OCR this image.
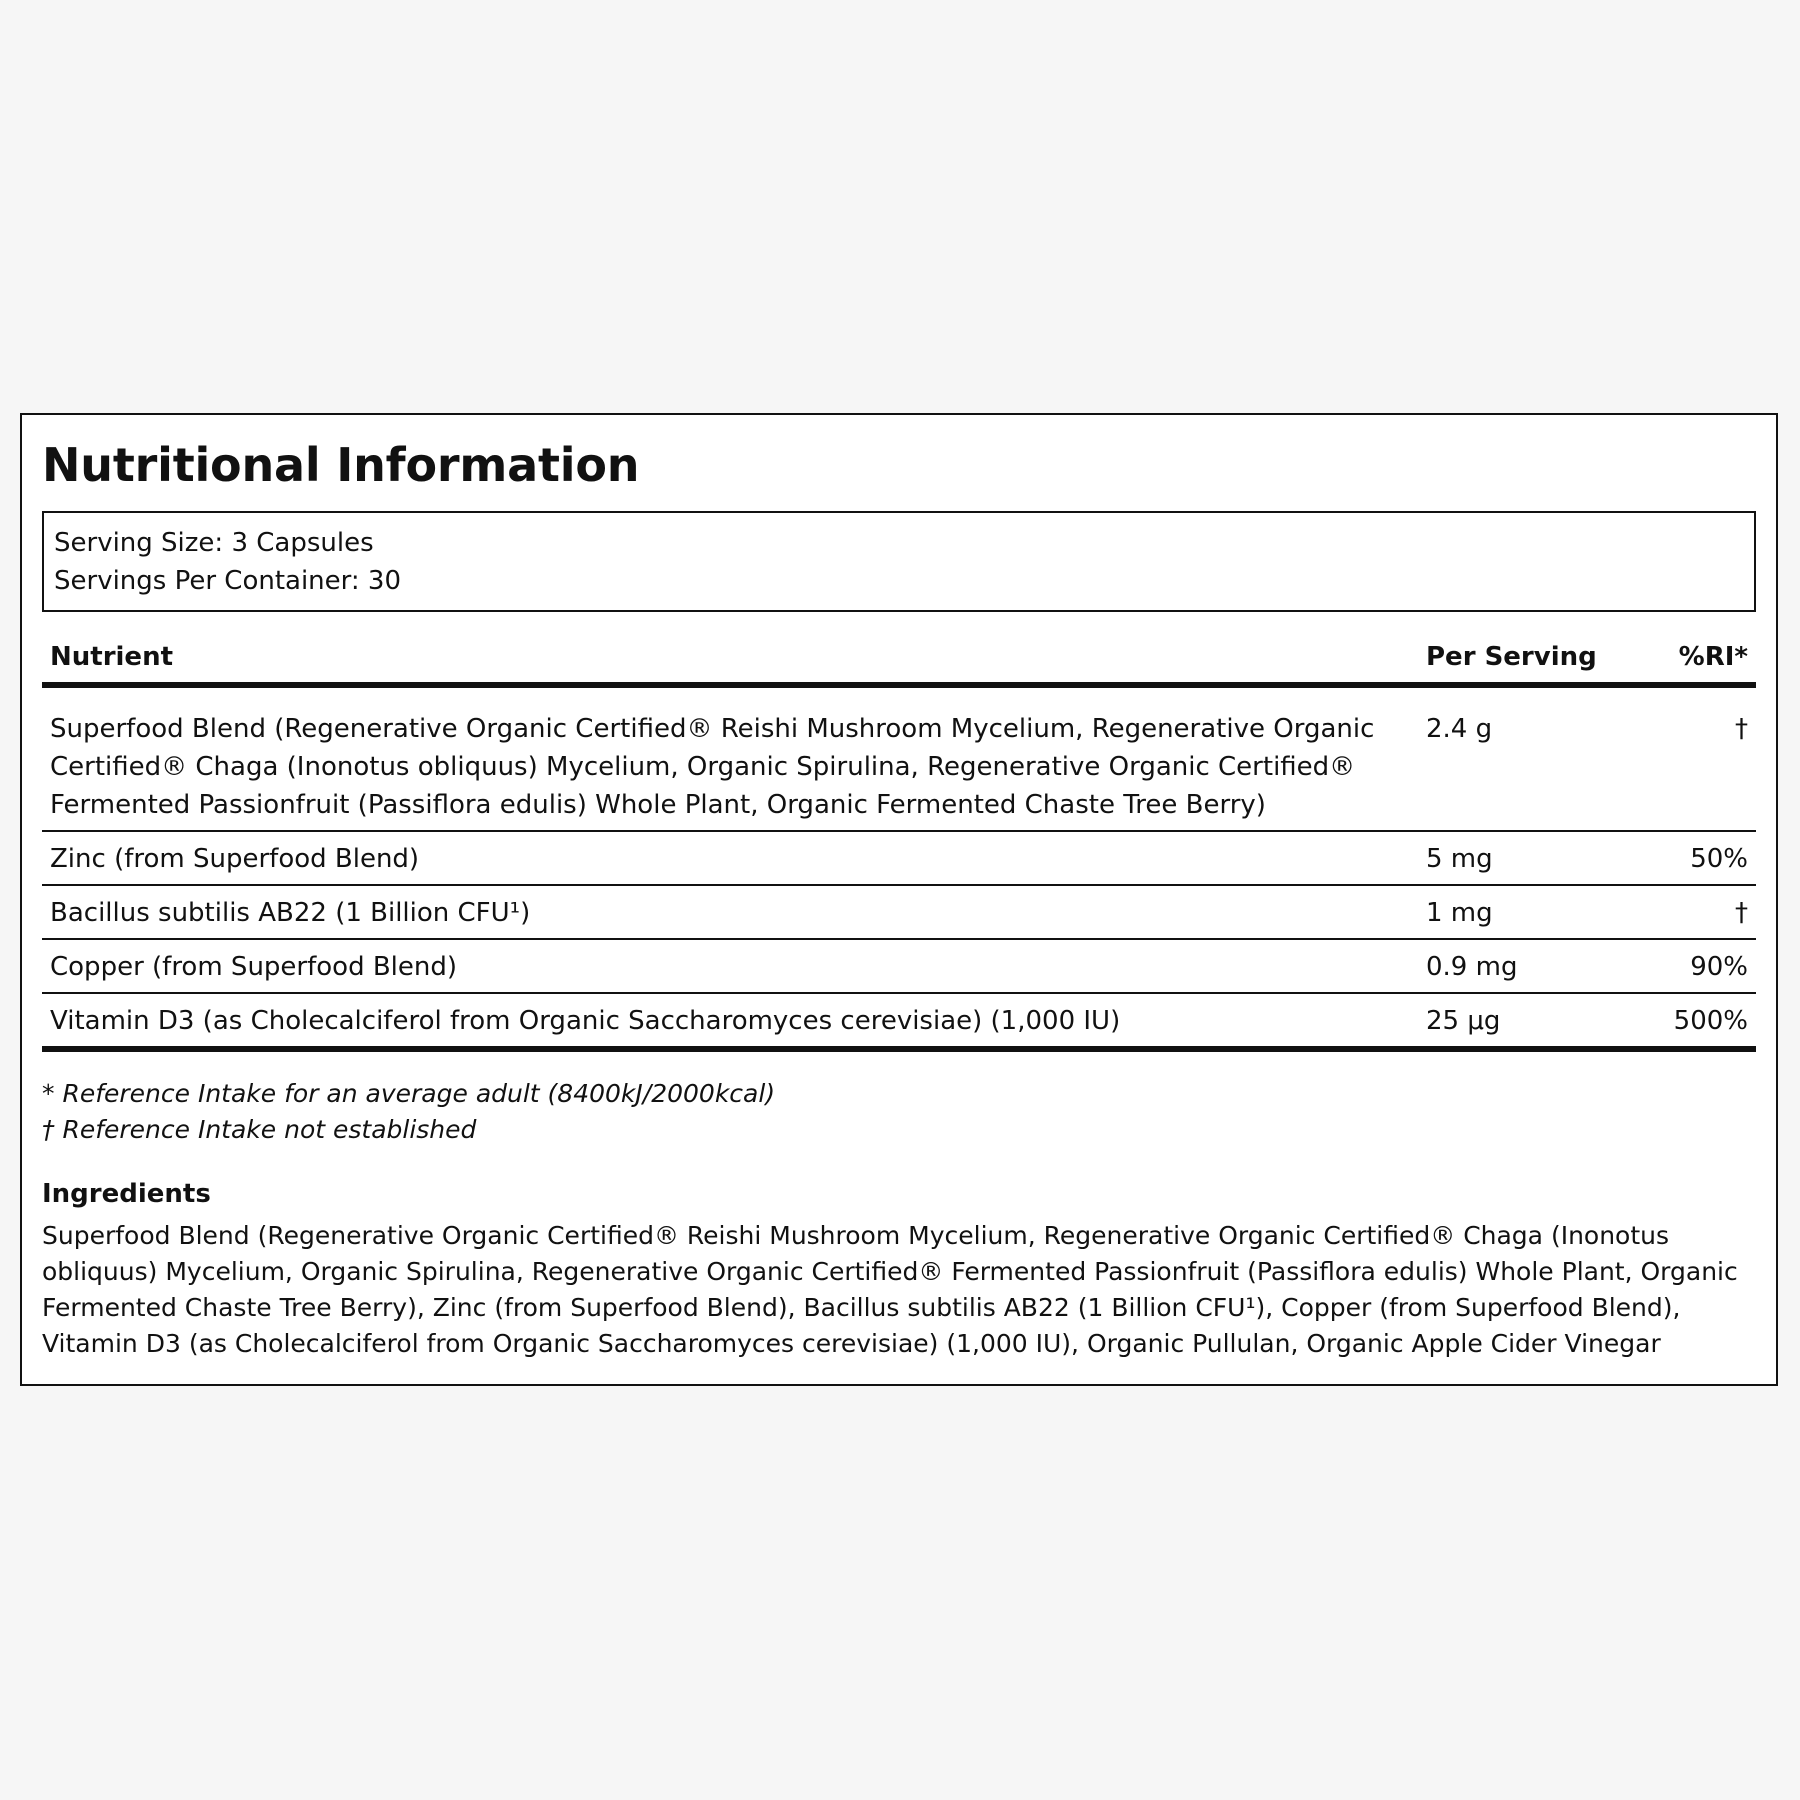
Nutritional Information
Serving Size: 3 Capsules
Servings Per Container: 30
Nutrient	Per Serving	%RI*
Superfood Blend (Regenerative Organic Certified® Reishi Mushroom Mycelium, Regenerative Organic Certified® Chaga (Inonotus obliquus) Mycelium, Organic Spirulina, Regenerative Organic Certified® Fermented Passionfruit (Passiflora edulis) Whole Plant, Organic Fermented Chaste Tree Berry)	2.4 g	†
Zinc (from Superfood Blend)	5 mg	50%
Bacillus subtilis AB22 (1 Billion CFU¹)	1 mg	†
Copper (from Superfood Blend)	0.9 mg	90%
Vitamin D3 (as Cholecalciferol from Organic Saccharomyces cerevisiae) (1,000 IU)	25 μg	500%
* Reference Intake for an average adult (8400kJ/2000kcal)
† Reference Intake not established
Ingredients
Superfood Blend (Regenerative Organic Certified® Reishi Mushroom Mycelium, Regenerative Organic Certified® Chaga (Inonotus obliquus) Mycelium, Organic Spirulina, Regenerative Organic Certified® Fermented Passionfruit (Passiflora edulis) Whole Plant, Organic Fermented Chaste Tree Berry), Zinc (from Superfood Blend), Bacillus subtilis AB22 (1 Billion CFU¹), Copper (from Superfood Blend), Vitamin D3 (as Cholecalciferol from Organic Saccharomyces cerevisiae) (1,000 IU), Organic Pullulan, Organic Apple Cider Vinegar
